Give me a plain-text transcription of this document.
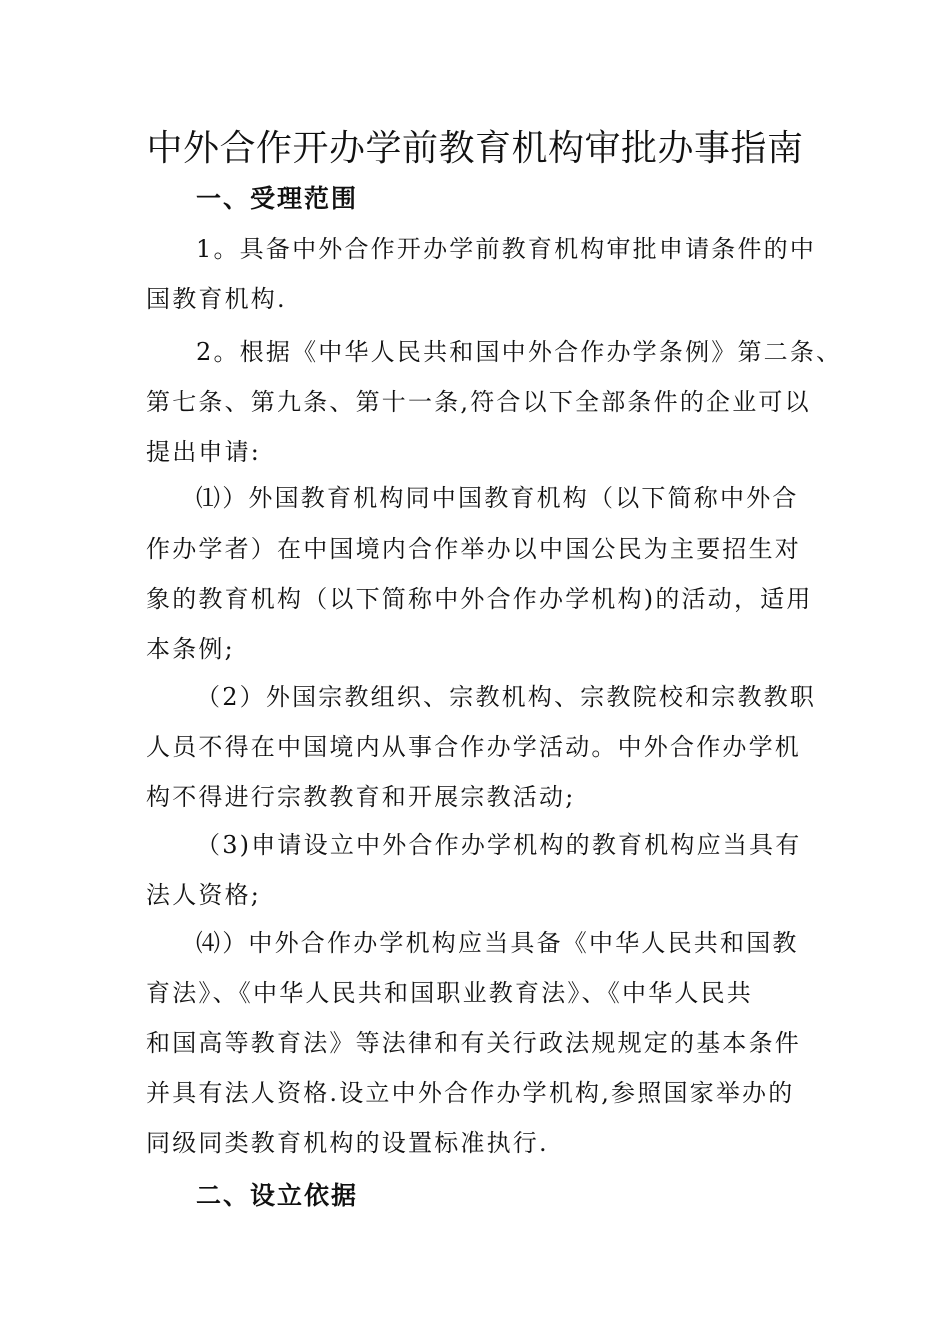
中外合作开办学前教育机构审批办事指南
一、受理范围

1。具备中外合作开办学前教育机构审批申请条件的中

国教育机构.

2。根据《中华人民共和国中外合作办学条例》第二条、

第七条、第九条、第十一条,符合以下全部条件的企业可以

提出申请:

⑴）外国教育机构同中国教育机构（以下简称中外合

作办学者）在中国境内合作举办以中国公民为主要招生对

象的教育机构（以下简称中外合作办学机构)的活动，适用

本条例;

（2）外国宗教组织、宗教机构、宗教院校和宗教教职

人员不得在中国境内从事合作办学活动。中外合作办学机

构不得进行宗教教育和开展宗教活动;

（3)申请设立中外合作办学机构的教育机构应当具有

法人资格;

⑷）中外合作办学机构应当具备《中华人民共和国教

育法》、《中华人民共和国职业教育法》、《中华人民共

和国高等教育法》等法律和有关行政法规规定的基本条件

并具有法人资格.设立中外合作办学机构,参照国家举办的

同级同类教育机构的设置标准执行.

二、设立依据
